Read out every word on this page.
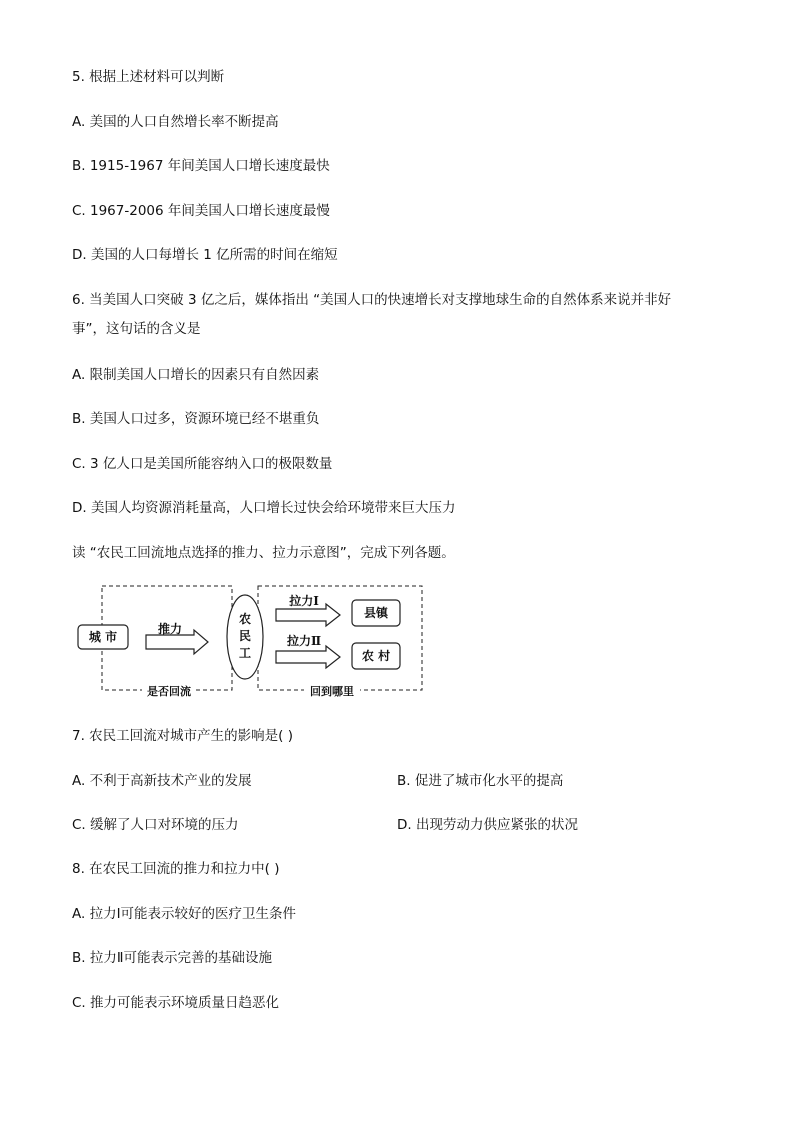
5. 根据上述材料可以判断
A. 美国的人口自然增长率不断提高
B. 1915-1967 年间美国人口增长速度最快
C. 1967-2006 年间美国人口增长速度最慢
D. 美国的人口每增长 1 亿所需的时间在缩短
6. 当美国人口突破 3 亿之后，媒体指出 “美国人口的快速增长对支撑地球生命的自然体系来说并非好
事”，这句话的含义是
A. 限制美国人口增长的因素只有自然因素
B. 美国人口过多，资源环境已经不堪重负
C. 3 亿人口是美国所能容纳入口的极限数量
D. 美国人均资源消耗量高，人口增长过快会给环境带来巨大压力
读 “农民工回流地点选择的推力、拉力示意图”，完成下列各题。
城 市
推力
农
民
工
拉力Ⅰ
拉力Ⅱ
县镇
农 村
是否回流	回到哪里
7. 农民工回流对城市产生的影响是( )
A. 不利于高新技术产业的发展	B. 促进了城市化水平的提高
C. 缓解了人口对环境的压力	D. 出现劳动力供应紧张的状况
8. 在农民工回流的推力和拉力中( )
A. 拉力Ⅰ可能表示较好的医疗卫生条件
B. 拉力Ⅱ可能表示完善的基础设施
C. 推力可能表示环境质量日趋恶化
